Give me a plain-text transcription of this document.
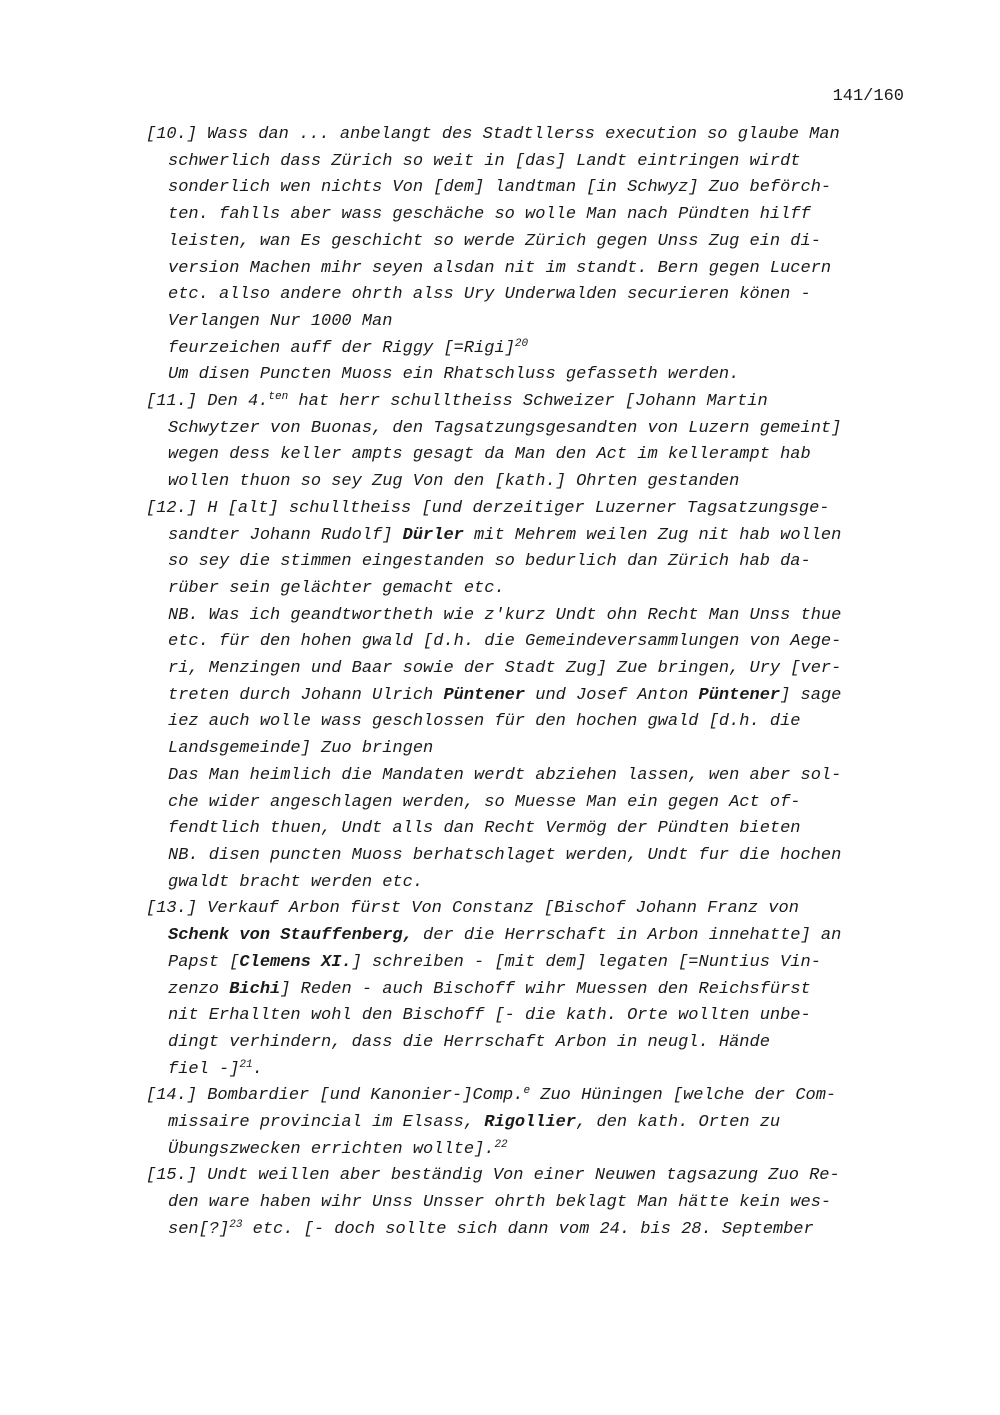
141/160
[10.] Wass dan ... anbelangt des Stadtllerss execution so glaube Man
schwerlich dass Zürich so weit in [das] Landt eintringen wirdt
sonderlich wen nichts Von [dem] landtman [in Schwyz] Zuo beförch-
ten. fahlls aber wass geschäche so wolle Man nach Pündten hilff
leisten, wan Es geschicht so werde Zürich gegen Unss Zug ein di-
version Machen mihr seyen alsdan nit im standt. Bern gegen Lucern
etc. allso andere ohrth alss Ury Underwalden securieren könen -
Verlangen Nur 1000 Man
feurzeichen auff der Riggy [=Rigi]$^{20}$
Um disen Puncten Muoss ein Rhatschluss gefasseth werden.
[11.] Den 4.$^{ten}$ hat herr schulltheiss Schweizer [Johann Martin
Schwytzer von Buonas, den Tagsatzungsgesandten von Luzern gemeint]
wegen dess keller ampts gesagt da Man den Act im kellerampt hab
wollen thuon so sey Zug Von den [kath.] Ohrten gestanden
[12.] H [alt] schulltheiss [und derzeitiger Luzerner Tagsatzungsge-
sandter Johann Rudolf] Dürler mit Mehrem weilen Zug nit hab wollen
so sey die stimmen eingestanden so bedurlich dan Zürich hab da-
rüber sein gelächter gemacht etc.
NB. Was ich geandtwortheth wie z'kurz Undt ohn Recht Man Unss thue
etc. für den hohen gwald [d.h. die Gemeindeversammlungen von Aege-
ri, Menzingen und Baar sowie der Stadt Zug] Zue bringen, Ury [ver-
treten durch Johann Ulrich Püntener und Josef Anton Püntener] sage
iez auch wolle wass geschlossen für den hochen gwald [d.h. die
Landsgemeinde] Zuo bringen
Das Man heimlich die Mandaten werdt abziehen lassen, wen aber sol-
che wider angeschlagen werden, so Muesse Man ein gegen Act of-
fendtlich thuen, Undt alls dan Recht Vermög der Pündten bieten
NB. disen puncten Muoss berhatschlaget werden, Undt fur die hochen
gwaldt bracht werden etc.
[13.] Verkauf Arbon fürst Von Constanz [Bischof Johann Franz von
Schenk von Stauffenberg, der die Herrschaft in Arbon innehatte] an
Papst [Clemens XI.] schreiben - [mit dem] legaten [=Nuntius Vin-
zenzo Bichi] Reden - auch Bischoff wihr Muessen den Reichsfürst
nit Erhallten wohl den Bischoff [- die kath. Orte wollten unbe-
dingt verhindern, dass die Herrschaft Arbon in neugl. Hände
fiel -]$^{21}$.
[14.] Bombardier [und Kanonier-]Comp.$^e$ Zuo Hüningen [welche der Com-
missaire provincial im Elsass, Rigollier, den kath. Orten zu
Übungszwecken errichten wollte].$^{22}$
[15.] Undt weillen aber beständig Von einer Neuwen tagsazung Zuo Re-
den ware haben wihr Unss Unsser ohrth beklagt Man hätte kein wes-
sen[?]$^{23}$ etc. [- doch sollte sich dann vom 24. bis 28. September
